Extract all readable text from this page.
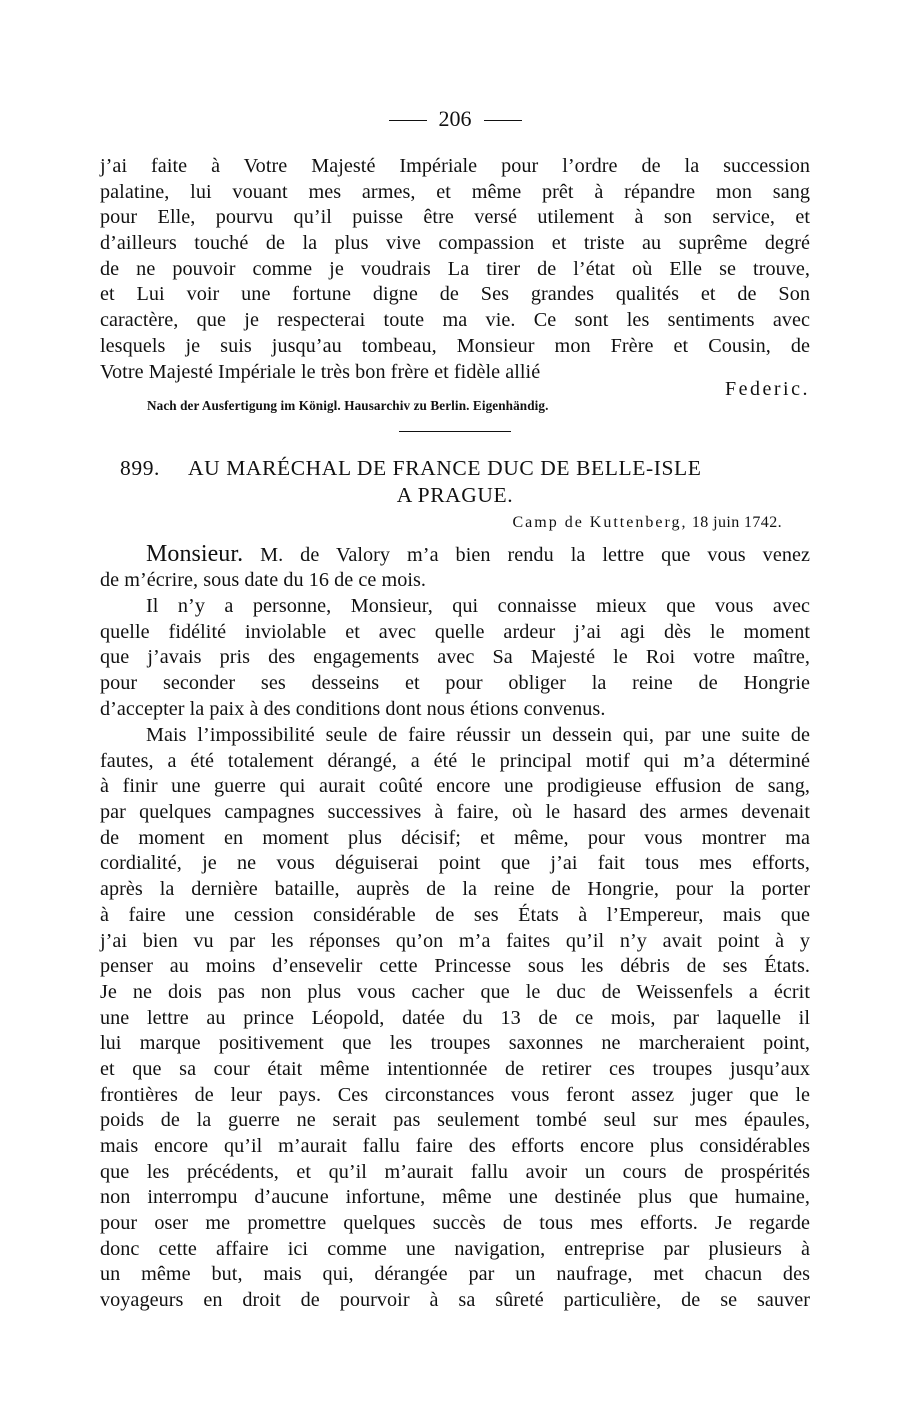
206
j’ai faite à Votre Majesté Impériale pour l’ordre de la succession
palatine, lui vouant mes armes, et même prêt à répandre mon sang
pour Elle, pourvu qu’il puisse être versé utilement à son service, et
d’ailleurs touché de la plus vive compassion et triste au suprême degré
de ne pouvoir comme je voudrais La tirer de l’état où Elle se trouve,
et Lui voir une fortune digne de Ses grandes qualités et de Son
caractère, que je respecterai toute ma vie. Ce sont les sentiments avec
lesquels je suis jusqu’au tombeau, Monsieur mon Frère et Cousin, de
Votre Majesté Impériale le très bon frère et fidèle allié
Federic.
Nach der Ausfertigung im Königl. Hausarchiv zu Berlin. Eigenhändig.
899. AU MARÉCHAL DE FRANCE DUC DE BELLE-ISLE
A PRAGUE.
Camp de Kuttenberg, 18 juin 1742.
Monsieur. M. de Valory m’a bien rendu la lettre que vous venez
de m’écrire, sous date du 16 de ce mois.
Il n’y a personne, Monsieur, qui connaisse mieux que vous avec
quelle fidélité inviolable et avec quelle ardeur j’ai agi dès le moment
que j’avais pris des engagements avec Sa Majesté le Roi votre maître,
pour seconder ses desseins et pour obliger la reine de Hongrie
d’accepter la paix à des conditions dont nous étions convenus.
Mais l’impossibilité seule de faire réussir un dessein qui, par une suite de
fautes, a été totalement dérangé, a été le principal motif qui m’a déterminé
à finir une guerre qui aurait coûté encore une prodigieuse effusion de sang,
par quelques campagnes successives à faire, où le hasard des armes devenait
de moment en moment plus décisif; et même, pour vous montrer ma
cordialité, je ne vous déguiserai point que j’ai fait tous mes efforts,
après la dernière bataille, auprès de la reine de Hongrie, pour la porter
à faire une cession considérable de ses États à l’Empereur, mais que
j’ai bien vu par les réponses qu’on m’a faites qu’il n’y avait point à y
penser au moins d’ensevelir cette Princesse sous les débris de ses États.
Je ne dois pas non plus vous cacher que le duc de Weissenfels a écrit
une lettre au prince Léopold, datée du 13 de ce mois, par laquelle il
lui marque positivement que les troupes saxonnes ne marcheraient point,
et que sa cour était même intentionnée de retirer ces troupes jusqu’aux
frontières de leur pays. Ces circonstances vous feront assez juger que le
poids de la guerre ne serait pas seulement tombé seul sur mes épaules,
mais encore qu’il m’aurait fallu faire des efforts encore plus considérables
que les précédents, et qu’il m’aurait fallu avoir un cours de prospérités
non interrompu d’aucune infortune, même une destinée plus que humaine,
pour oser me promettre quelques succès de tous mes efforts. Je regarde
donc cette affaire ici comme une navigation, entreprise par plusieurs à
un même but, mais qui, dérangée par un naufrage, met chacun des
voyageurs en droit de pourvoir à sa sûreté particulière, de se sauver
